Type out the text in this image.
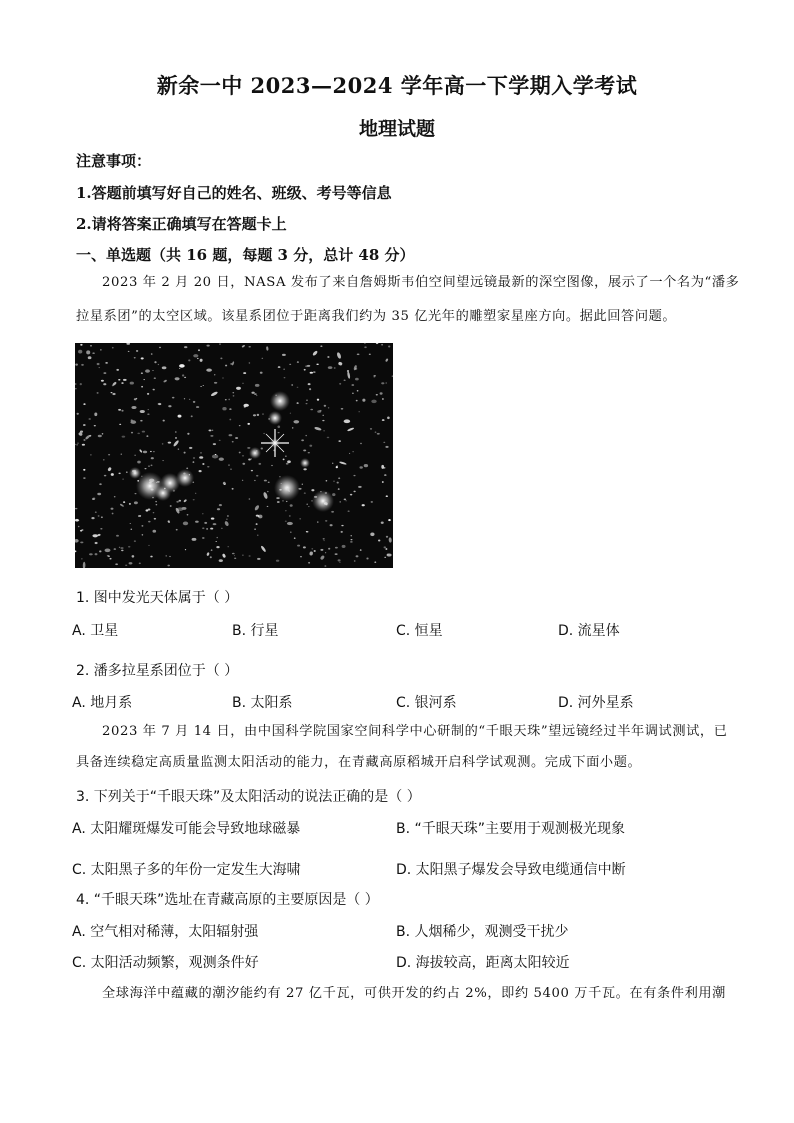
新余一中 2023—2024 学年高一下学期入学考试
地理试题
注意事项：
1.答题前填写好自己的姓名、班级、考号等信息
2.请将答案正确填写在答题卡上
一、单选题（共 16 题，每题 3 分，总计 48 分）
2023 年 2 月 20 日，NASA 发布了来自詹姆斯韦伯空间望远镜最新的深空图像，展示了一个名为“潘多
拉星系团”的太空区域。该星系团位于距离我们约为 35 亿光年的雕塑家星座方向。据此回答问题。
1. 图中发光天体属于（ ）
A. 卫星	B. 行星	C. 恒星	D. 流星体
2. 潘多拉星系团位于（ ）
A. 地月系	B. 太阳系	C. 银河系	D. 河外星系
2023 年 7 月 14 日，由中国科学院国家空间科学中心研制的“千眼天珠”望远镜经过半年调试测试，已
具备连续稳定高质量监测太阳活动的能力，在青藏高原稻城开启科学试观测。完成下面小题。
3. 下列关于“千眼天珠”及太阳活动的说法正确的是（ ）
A. 太阳耀斑爆发可能会导致地球磁暴	B. “千眼天珠”主要用于观测极光现象
C. 太阳黑子多的年份一定发生大海啸	D. 太阳黑子爆发会导致电缆通信中断
4. “千眼天珠”选址在青藏高原的主要原因是（ ）
A. 空气相对稀薄，太阳辐射强	B. 人烟稀少，观测受干扰少
C. 太阳活动频繁，观测条件好	D. 海拔较高，距离太阳较近
全球海洋中蕴藏的潮汐能约有 27 亿千瓦，可供开发的约占 2%，即约 5400 万千瓦。在有条件利用潮
